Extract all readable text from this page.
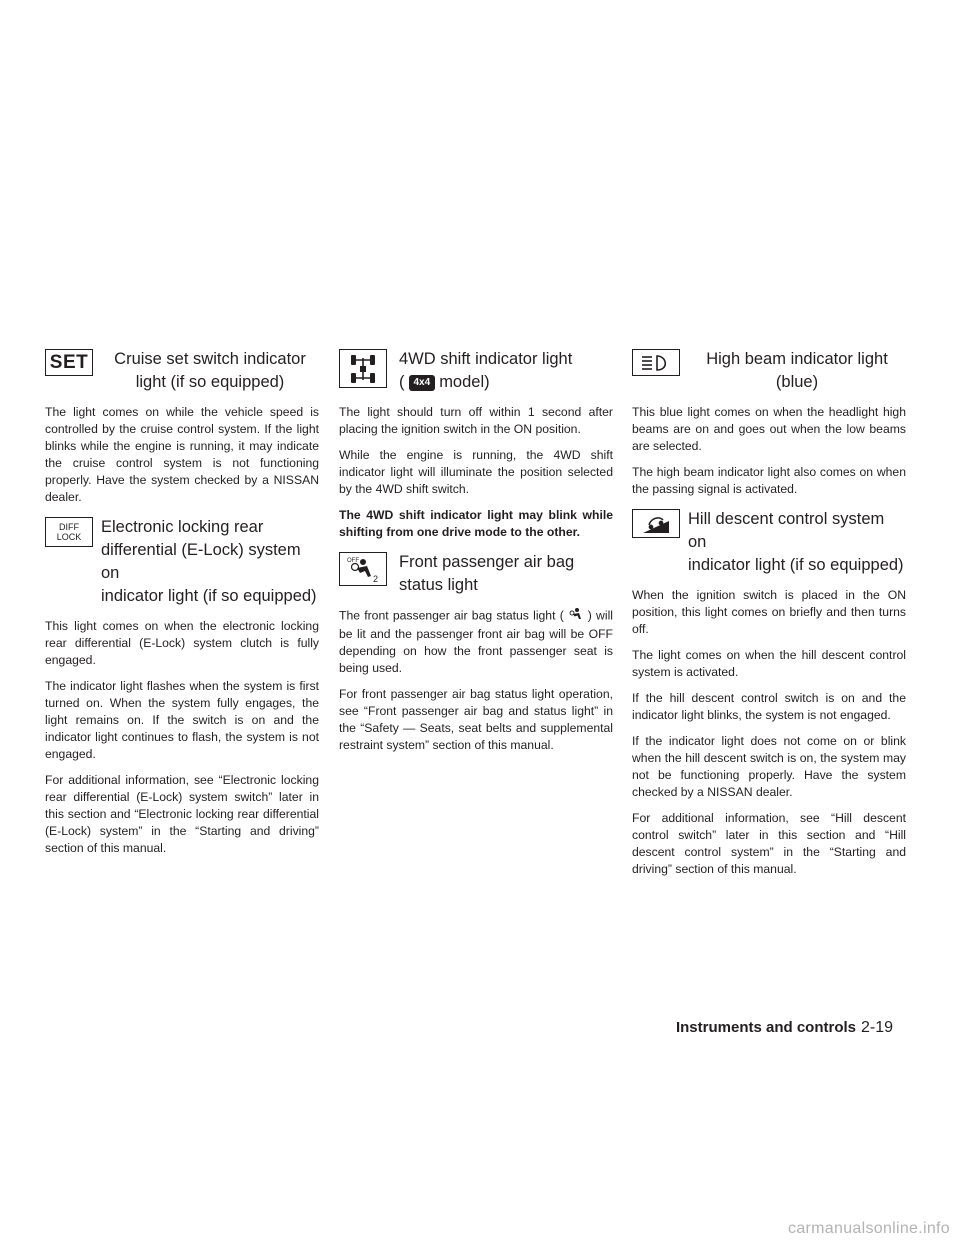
SET	Cruise set switch indicator
light (if so equipped)

The light comes on while the vehicle speed is controlled by the cruise control system. If the light blinks while the engine is running, it may indicate the cruise control system is not functioning properly. Have the system checked by a NISSAN dealer.

DIFF
LOCK
Electronic locking rear
differential (E-Lock) system on
indicator light (if so equipped)

This light comes on when the electronic locking rear differential (E-Lock) system clutch is fully engaged.

The indicator light flashes when the system is first turned on. When the system fully engages, the light remains on. If the switch is on and the indicator light continues to flash, the system is not engaged.

For additional information, see “Electronic locking rear differential (E-Lock) system switch” later in this section and “Electronic locking rear differential (E-Lock) system” in the “Starting and driving” section of this manual.

4WD shift indicator light
( 4x4 model)

The light should turn off within 1 second after placing the ignition switch in the ON position.

While the engine is running, the 4WD shift indicator light will illuminate the position selected by the 4WD shift switch.

The 4WD shift indicator light may blink while shifting from one drive mode to the other.

OFF
2
Front passenger air bag
status light

The front passenger air bag status light ( ) will be lit and the passenger front air bag will be OFF depending on how the front passenger seat is being used.

For front passenger air bag status light operation, see “Front passenger air bag and status light” in the “Safety — Seats, seat belts and supplemental restraint system” section of this manual.

High beam indicator light
(blue)

This blue light comes on when the headlight high beams are on and goes out when the low beams are selected.

The high beam indicator light also comes on when the passing signal is activated.

Hill descent control system on
indicator light (if so equipped)

When the ignition switch is placed in the ON position, this light comes on briefly and then turns off.

The light comes on when the hill descent control system is activated.

If the hill descent control switch is on and the indicator light blinks, the system is not engaged.

If the indicator light does not come on or blink when the hill descent switch is on, the system may not be functioning properly. Have the system checked by a NISSAN dealer.

For additional information, see “Hill descent control switch” later in this section and “Hill descent control system” in the “Starting and driving” section of this manual.

Instruments and controls 2-19
carmanualsonline.info
